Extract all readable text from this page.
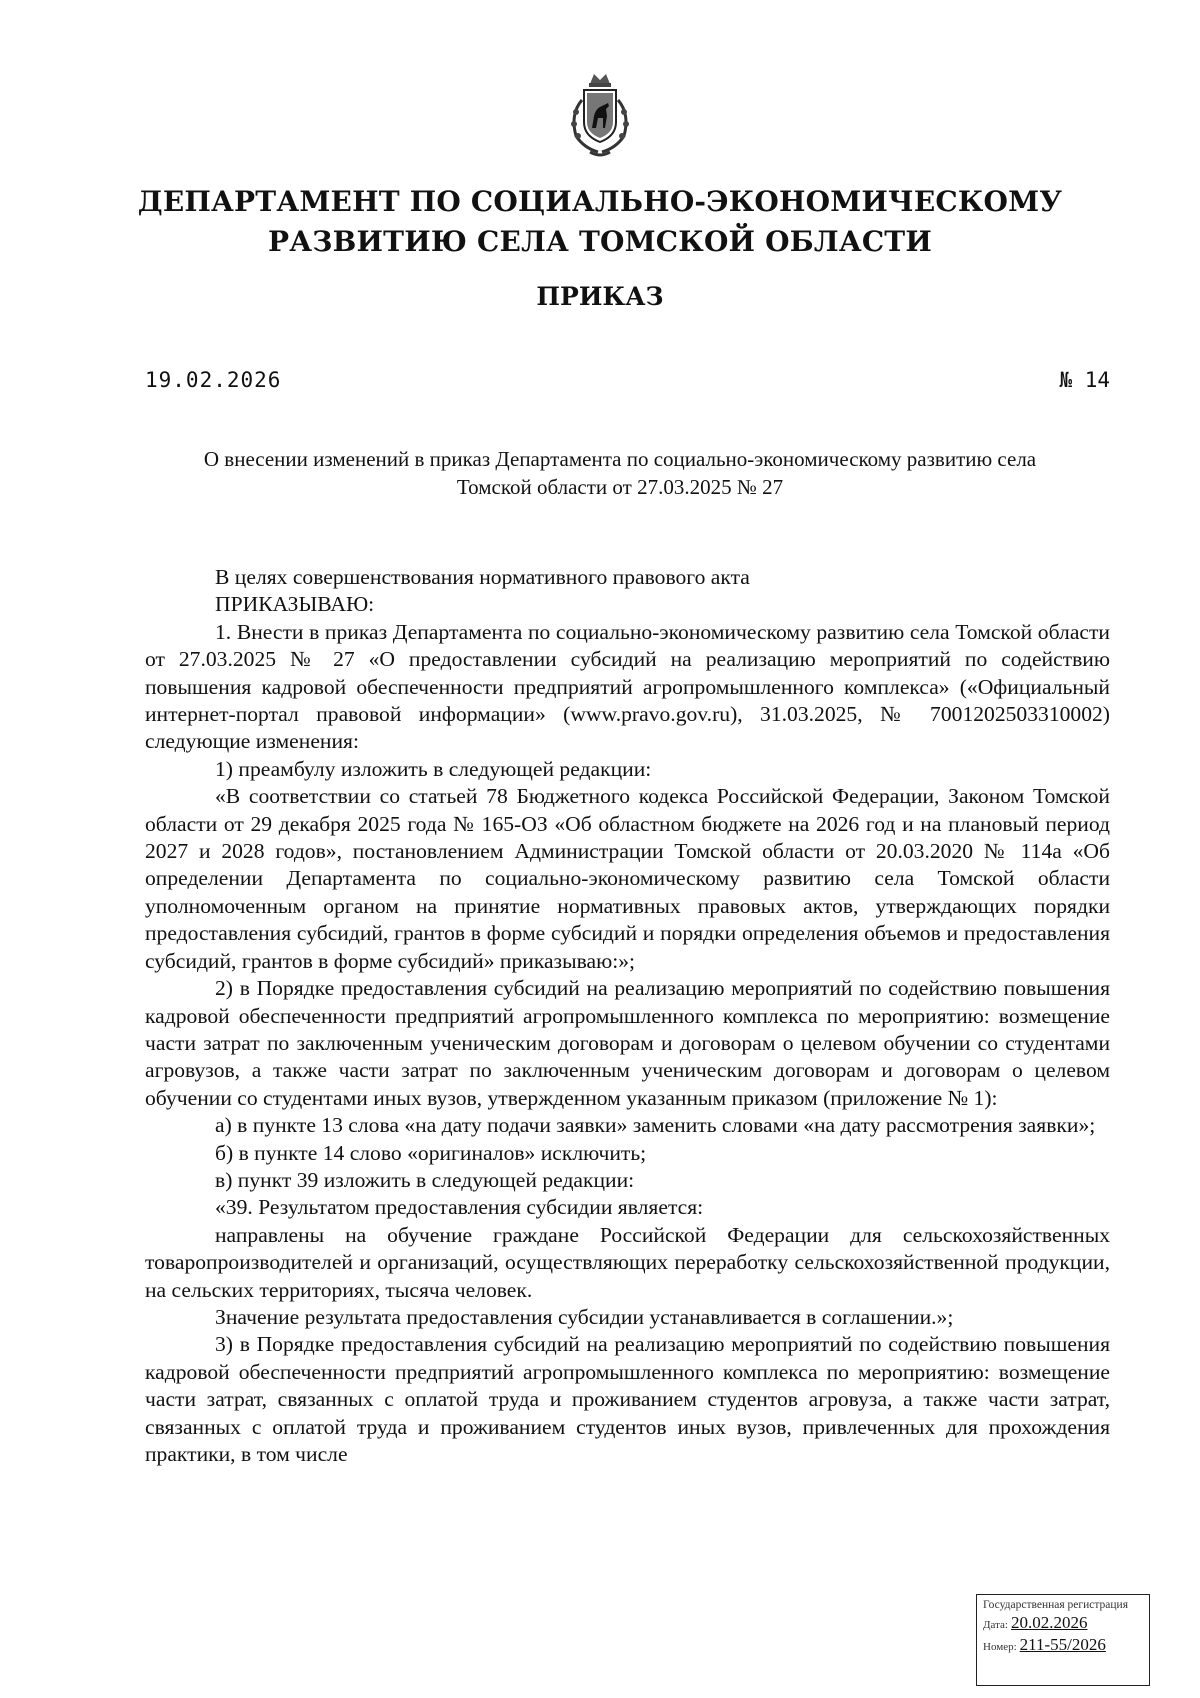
ДЕПАРТАМЕНТ ПО СОЦИАЛЬНО-ЭКОНОМИЧЕСКОМУ
РАЗВИТИЮ СЕЛА ТОМСКОЙ ОБЛАСТИ
ПРИКАЗ
19.02.2026	№ 14
О внесении изменений в приказ Департамента по социально-экономическому развитию села
Томской области от 27.03.2025 № 27

В целях совершенствования нормативного правового акта

ПРИКАЗЫВАЮ:

1. Внести в приказ Департамента по социально-экономическому развитию села Томской области от 27.03.2025 № 27 «О предоставлении субсидий на реализацию мероприятий по содействию повышения кадровой обеспеченности предприятий агропромышленного комплекса» («Официальный интернет-портал правовой информации» (www.pravo.gov.ru), 31.03.2025, № 7001202503310002) следующие изменения:

1) преамбулу изложить в следующей редакции:

«В соответствии со статьей 78 Бюджетного кодекса Российской Федерации, Законом Томской области от 29 декабря 2025 года № 165-ОЗ «Об областном бюджете на 2026 год и на плановый период 2027 и 2028 годов», постановлением Администрации Томской области от 20.03.2020 № 114а «Об определении Департамента по социально-экономическому развитию села Томской области уполномоченным органом на принятие нормативных правовых актов, утверждающих порядки предоставления субсидий, грантов в форме субсидий и порядки определения объемов и предоставления субсидий, грантов в форме субсидий» приказываю:»;

2) в Порядке предоставления субсидий на реализацию мероприятий по содействию повышения кадровой обеспеченности предприятий агропромышленного комплекса по мероприятию: возмещение части затрат по заключенным ученическим договорам и договорам о целевом обучении со студентами агровузов, а также части затрат по заключенным ученическим договорам и договорам о целевом обучении со студентами иных вузов, утвержденном указанным приказом (приложение № 1):

а) в пункте 13 слова «на дату подачи заявки» заменить словами «на дату рассмотрения заявки»;

б) в пункте 14 слово «оригиналов» исключить;

в) пункт 39 изложить в следующей редакции:

«39. Результатом предоставления субсидии является:

направлены на обучение граждане Российской Федерации для сельскохозяйственных товаропроизводителей и организаций, осуществляющих переработку сельскохозяйственной продукции, на сельских территориях, тысяча человек.

Значение результата предоставления субсидии устанавливается в соглашении.»;

3) в Порядке предоставления субсидий на реализацию мероприятий по содействию повышения кадровой обеспеченности предприятий агропромышленного комплекса по мероприятию: возмещение части затрат, связанных с оплатой труда и проживанием студентов агровуза, а также части затрат, связанных с оплатой труда и проживанием студентов иных вузов, привлеченных для прохождения практики, в том числе

Государственная регистрация
Дата: 20.02.2026
Номер: 211-55/2026
